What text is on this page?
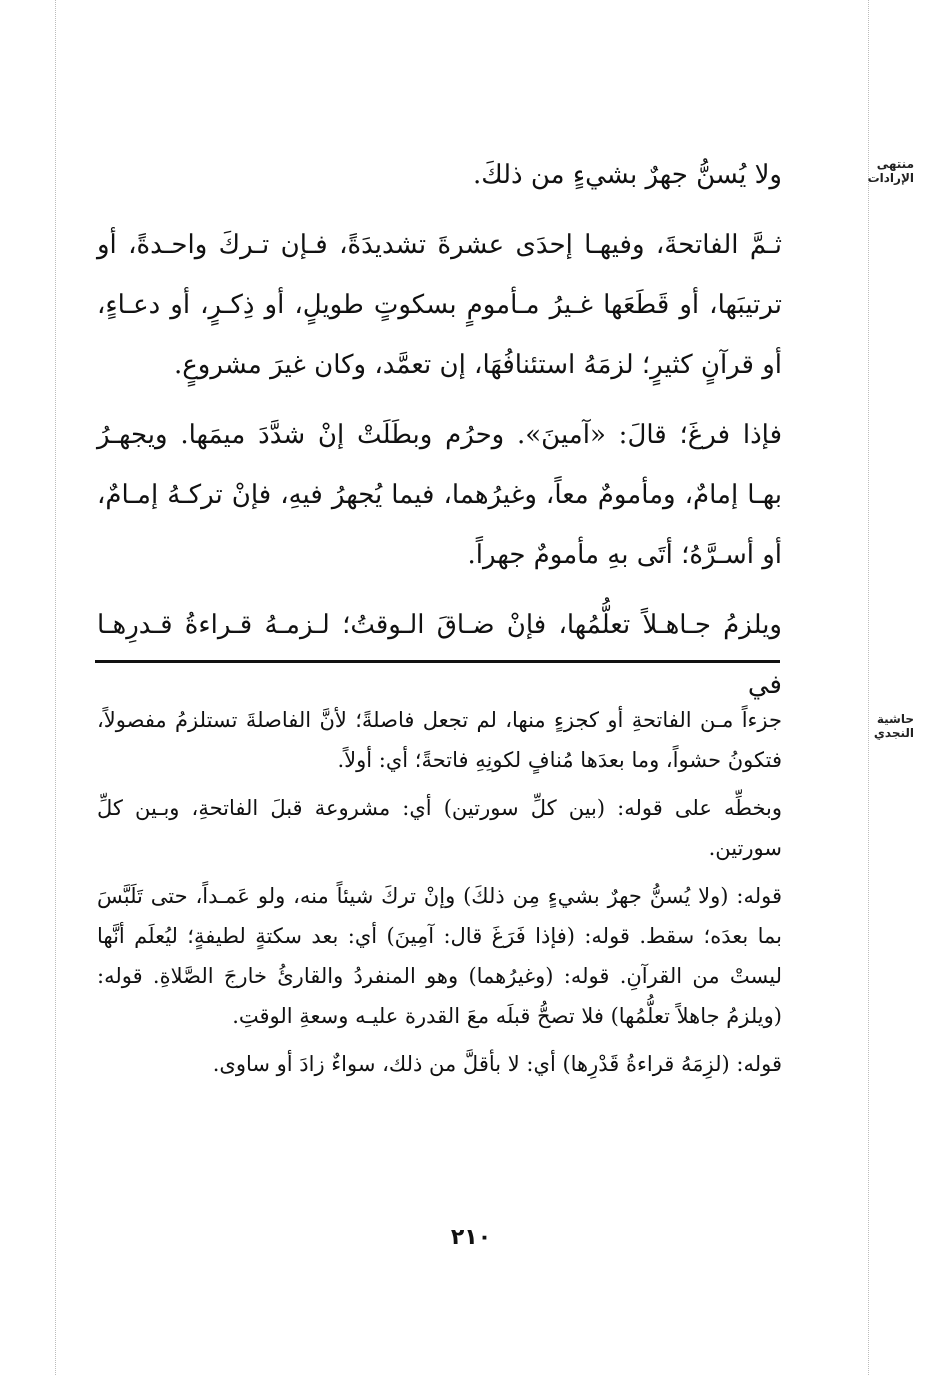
منتهى الإرادات
حاشية النجدي

ولا يُسنُّ جهرٌ بشيءٍ من ذلكَ.

ثـمَّ الفاتحةَ، وفيهـا إحدَى عشرةَ تشديدَةً، فـإن تـركَ واحـدةً، أو ترتيبَها، أو قَطَعَها غـيرُ مـأمومٍ بسكوتٍ طويلٍ، أو ذِكـرٍ، أو دعـاءٍ، أو قرآنٍ كثيرٍ؛ لزمَهُ استئنافُهَا، إن تعمَّد، وكان غيرَ مشروعٍ.

فإذا فرغَ؛ قالَ: «آمينَ». وحرُم وبطَلَتْ إنْ شدَّدَ ميمَها. ويجهـرُ بهـا إمامٌ، ومأمومٌ معاً، وغيرُهما، فيما يُجهرُ فيهِ، فإنْ تركـهُ إمـامٌ، أو أسـرَّهُ؛ أتَى بهِ مأمومٌ جهراً.

ويلزمُ جـاهـلاً تعلُّمُها، فإنْ ضـاقَ الـوقتُ؛ لـزمـهُ قـراءةُ قـدرِهـا في

جزءاً مـن الفاتحةِ أو كجزءٍ منها، لم تجعل فاصلةً؛ لأنَّ الفاصلةَ تستلزمُ مفصولاً، فتكونُ حشواً، وما بعدَها مُنافٍ لكونِهِ فاتحةً؛ أي: أولاً.

وبخطِّه على قوله: (بين كلِّ سورتين) أي: مشروعة قبلَ الفاتحةِ، وبـين كلِّ سورتين.

قوله: (ولا يُسنُّ جهرٌ بشيءٍ مِن ذلكَ) وإنْ تركَ شيئاً منه، ولو عَمـداً، حتى تَلَبَّسَ بما بعدَه؛ سقط. قوله: (فإذا فَرَغَ قال: آمِينَ) أي: بعد سكتةٍ لطيفةٍ؛ ليُعلَم أنَّها ليستْ من القرآنِ. قوله: (وغيرُهما) وهو المنفردُ والقارئُ خارجَ الصَّلاةِ. قوله: (ويلزمُ جاهلاً تعلُّمُها) فلا تصحُّ قبلَه معَ القدرة عليـه وسعةِ الوقتِ.

قوله: (لزِمَهُ قراءةُ قَدْرِها) أي: لا بأقلَّ من ذلك، سواءٌ زادَ أو ساوى.

٢١٠
